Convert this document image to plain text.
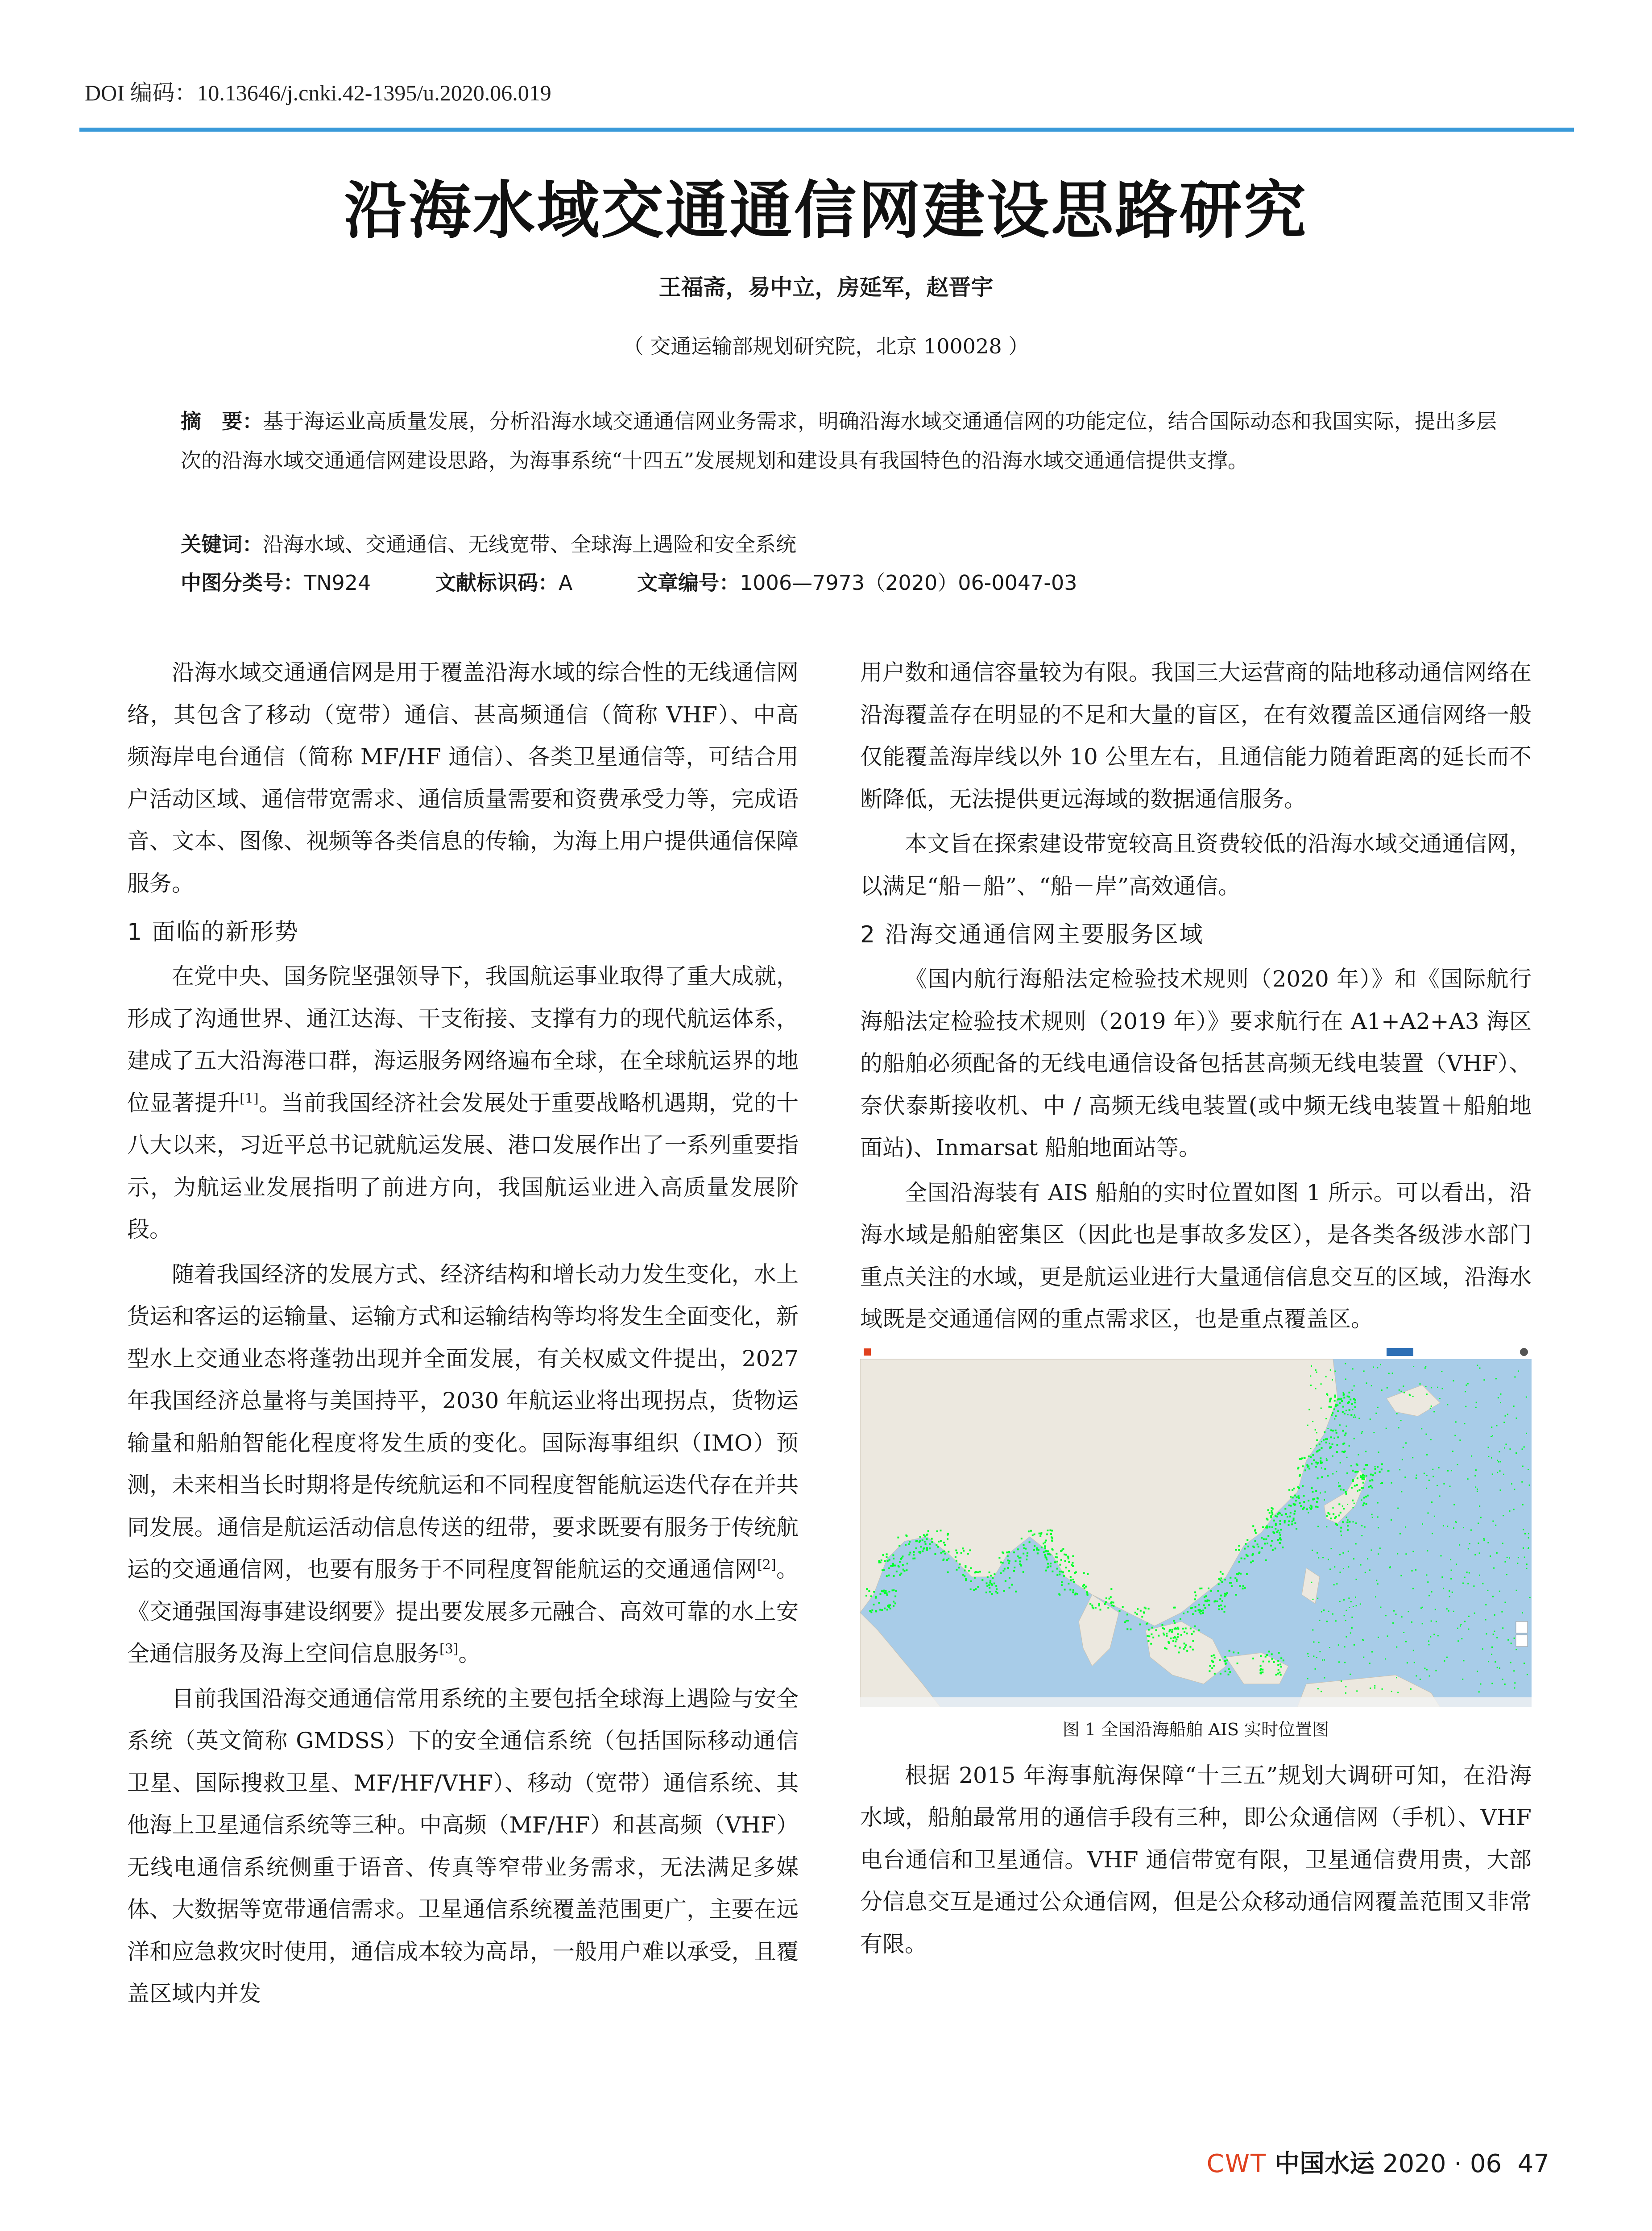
DOI 编码：10.13646/j.cnki.42-1395/u.2020.06.019
沿海水域交通通信网建设思路研究
王福斋，易中立，房延军，赵晋宇
（ 交通运输部规划研究院，北京 100028 ）
摘　要：基于海运业高质量发展，分析沿海水域交通通信网业务需求，明确沿海水域交通通信网的功能定位，结合国际动态和我国实际，提出多层次的沿海水域交通通信网建设思路，为海事系统“十四五”发展规划和建设具有我国特色的沿海水域交通通信提供支撑。
关键词：沿海水域、交通通信、无线宽带、全球海上遇险和安全系统
中图分类号：TN924	文献标识码：A	文章编号：1006—7973（2020）06-0047-03

沿海水域交通通信网是用于覆盖沿海水域的综合性的无线通信网络，其包含了移动（宽带）通信、甚高频通信（简称 VHF）、中高频海岸电台通信（简称 MF/HF 通信）、各类卫星通信等，可结合用户活动区域、通信带宽需求、通信质量需要和资费承受力等，完成语音、文本、图像、视频等各类信息的传输，为海上用户提供通信保障服务。

1 面临的新形势

在党中央、国务院坚强领导下，我国航运事业取得了重大成就，形成了沟通世界、通江达海、干支衔接、支撑有力的现代航运体系，建成了五大沿海港口群，海运服务网络遍布全球，在全球航运界的地位显著提升[1]。当前我国经济社会发展处于重要战略机遇期，党的十八大以来，习近平总书记就航运发展、港口发展作出了一系列重要指示，为航运业发展指明了前进方向，我国航运业进入高质量发展阶段。

随着我国经济的发展方式、经济结构和增长动力发生变化，水上货运和客运的运输量、运输方式和运输结构等均将发生全面变化，新型水上交通业态将蓬勃出现并全面发展，有关权威文件提出，2027 年我国经济总量将与美国持平，2030 年航运业将出现拐点，货物运输量和船舶智能化程度将发生质的变化。国际海事组织（IMO）预测，未来相当长时期将是传统航运和不同程度智能航运迭代存在并共同发展。通信是航运活动信息传送的纽带，要求既要有服务于传统航运的交通通信网，也要有服务于不同程度智能航运的交通通信网[2]。《交通强国海事建设纲要》提出要发展多元融合、高效可靠的水上安全通信服务及海上空间信息服务[3]。

目前我国沿海交通通信常用系统的主要包括全球海上遇险与安全系统（英文简称 GMDSS）下的安全通信系统（包括国际移动通信卫星、国际搜救卫星、MF/HF/VHF）、移动（宽带）通信系统、其他海上卫星通信系统等三种。中高频（MF/HF）和甚高频（VHF）无线电通信系统侧重于语音、传真等窄带业务需求，无法满足多媒体、大数据等宽带通信需求。卫星通信系统覆盖范围更广，主要在远洋和应急救灾时使用，通信成本较为高昂，一般用户难以承受，且覆盖区域内并发

用户数和通信容量较为有限。我国三大运营商的陆地移动通信网络在沿海覆盖存在明显的不足和大量的盲区，在有效覆盖区通信网络一般仅能覆盖海岸线以外 10 公里左右，且通信能力随着距离的延长而不断降低，无法提供更远海域的数据通信服务。

本文旨在探索建设带宽较高且资费较低的沿海水域交通通信网，以满足“船－船”、“船－岸”高效通信。

2 沿海交通通信网主要服务区域

《国内航行海船法定检验技术规则（2020 年）》和《国际航行海船法定检验技术规则（2019 年）》要求航行在 A1+A2+A3 海区的船舶必须配备的无线电通信设备包括甚高频无线电装置（VHF）、奈伏泰斯接收机、中 / 高频无线电装置(或中频无线电装置＋船舶地面站)、Inmarsat 船舶地面站等。

全国沿海装有 AIS 船舶的实时位置如图 1 所示。可以看出，沿海水域是船舶密集区（因此也是事故多发区），是各类各级涉水部门重点关注的水域，更是航运业进行大量通信信息交互的区域，沿海水域既是交通通信网的重点需求区，也是重点覆盖区。

图 1 全国沿海船舶 AIS 实时位置图

根据 2015 年海事航海保障“十三五”规划大调研可知，在沿海水域，船舶最常用的通信手段有三种，即公众通信网（手机）、VHF 电台通信和卫星通信。VHF 通信带宽有限，卫星通信费用贵，大部分信息交互是通过公众通信网，但是公众移动通信网覆盖范围又非常有限。

CWT 中国水运 2020 · 06 47
